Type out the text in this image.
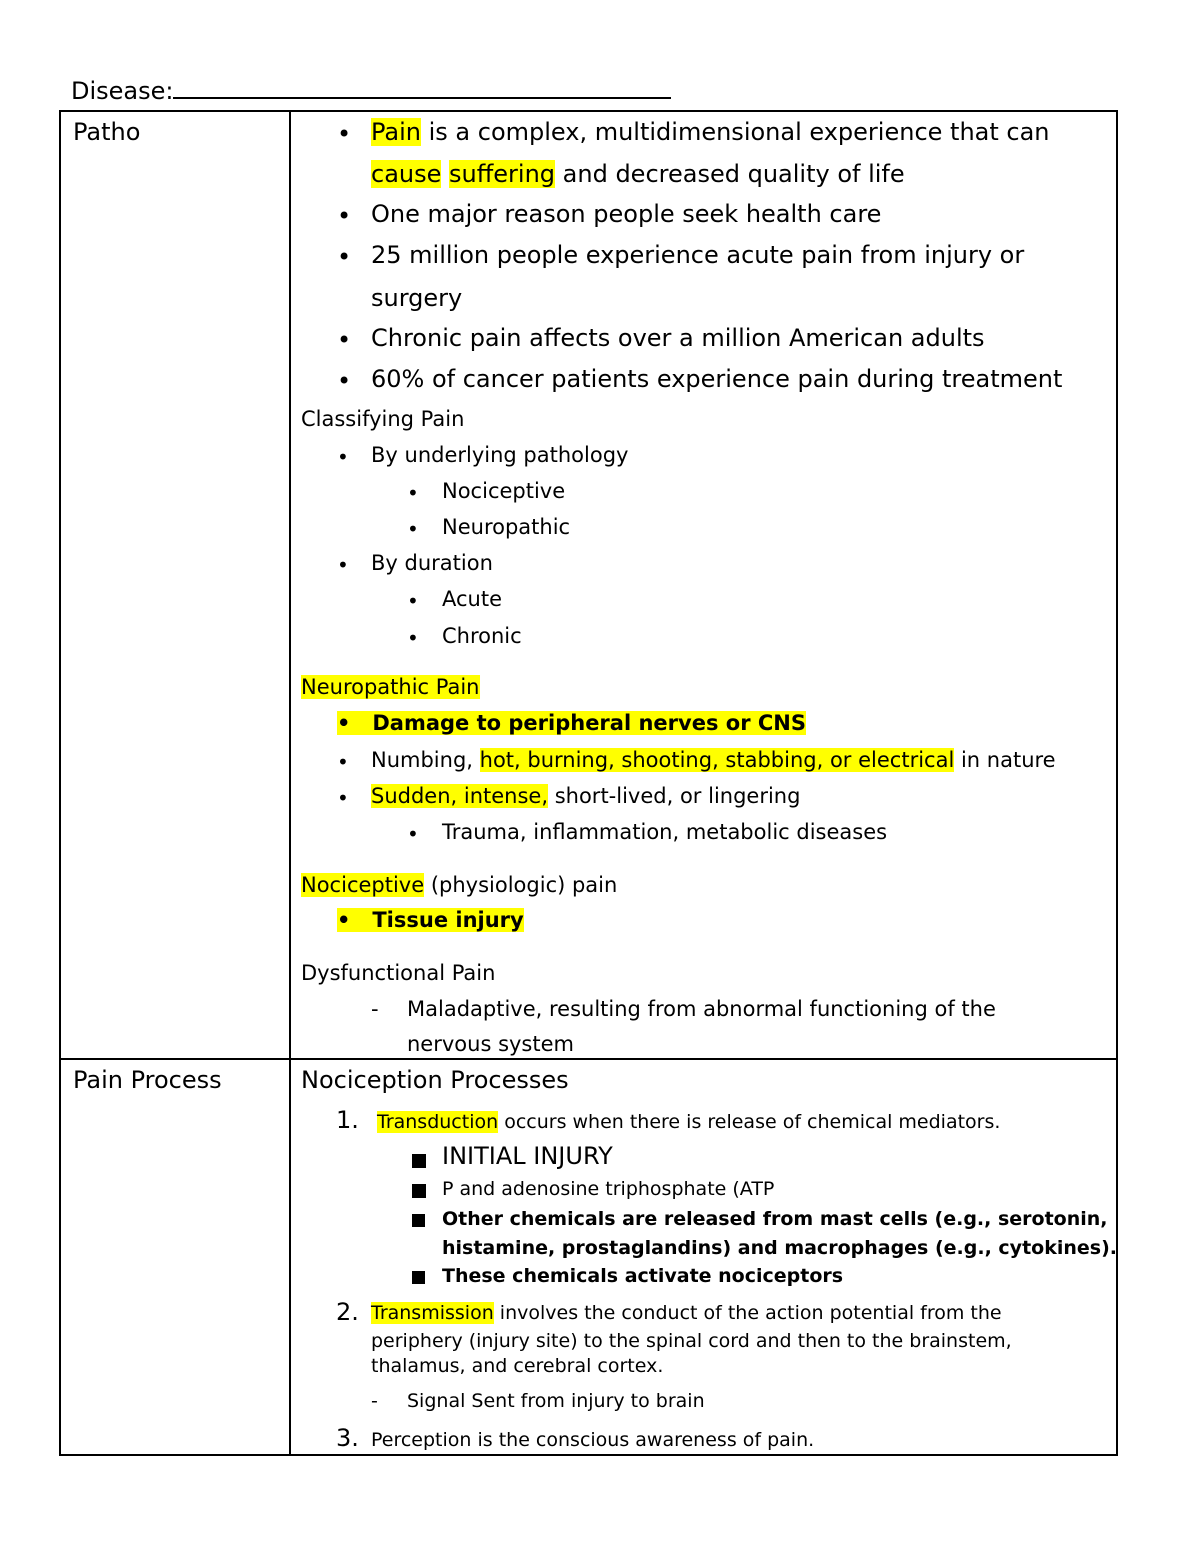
Disease:
Patho	• Pain is a complex, multidimensional experience that can
cause suffering and decreased quality of life
• One major reason people seek health care
• 25 million people experience acute pain from injury or
surgery
• Chronic pain affects over a million American adults
• 60% of cancer patients experience pain during treatment
Classifying Pain
• By underlying pathology
• Nociceptive
• Neuropathic
• By duration
• Acute
• Chronic
Neuropathic Pain
•   Damage to peripheral nerves or CNS
• Numbing, hot, burning, shooting, stabbing, or electrical in nature
• Sudden, intense, short-lived, or lingering
• Trauma, inflammation, metabolic diseases
Nociceptive (physiologic) pain
•   Tissue injury
Dysfunctional Pain
- Maladaptive, resulting from abnormal functioning of the
nervous system
Pain Process	Nociception Processes
1. Transduction occurs when there is release of chemical mediators.
INITIAL INJURY
P and adenosine triphosphate (ATP
Other chemicals are released from mast cells (e.g., serotonin,
histamine, prostaglandins) and macrophages (e.g., cytokines).
These chemicals activate nociceptors
2. Transmission involves the conduct of the action potential from the
periphery (injury site) to the spinal cord and then to the brainstem,
thalamus, and cerebral cortex.
- Signal Sent from injury to brain
3. Perception is the conscious awareness of pain.
